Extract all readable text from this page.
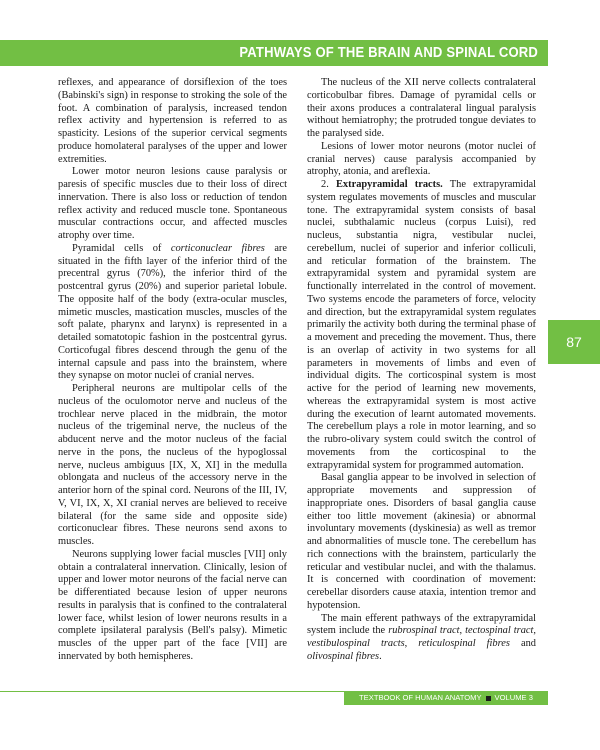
PATHWAYS OF THE BRAIN AND SPINAL CORD

reflexes, and appearance of dorsiflexion of the toes (Babinski's sign) in response to stroking the sole of the foot. A combination of paralysis, increased tendon reflex activity and hypertension is referred to as spasticity. Lesions of the superior cervical segments produce homolateral paralyses of the upper and lower extremities.

Lower motor neuron lesions cause paralysis or paresis of specific muscles due to their loss of direct innervation. There is also loss or reduction of tendon reflex activity and reduced muscle tone. Spontaneous muscular contractions occur, and affected muscles atrophy over time.

Pyramidal cells of corticonuclear fibres are situated in the fifth layer of the inferior third of the precentral gyrus (70%), the inferior third of the postcentral gyrus (20%) and superior parietal lobule. The opposite half of the body (extra-ocular muscles, mimetic muscles, mastication muscles, muscles of the soft palate, pharynx and larynx) is represented in a detailed somatotopic fashion in the postcentral gyrus. Corticofugal fibres descend through the genu of the internal capsule and pass into the brainstem, where they synapse on motor nuclei of cranial nerves.

Peripheral neurons are multipolar cells of the nucleus of the oculomotor nerve and nucleus of the trochlear nerve placed in the midbrain, the motor nucleus of the trigeminal nerve, the nucleus of the abducent nerve and the motor nucleus of the facial nerve in the pons, the nucleus of the hypoglossal nerve, nucleus ambiguus [IX, X, XI] in the medulla oblongata and nucleus of the accessory nerve in the anterior horn of the spinal cord. Neurons of the III, IV, V, VI, IX, X, XI cranial nerves are believed to receive bilateral (for the same side and opposite side) corticonuclear fibres. These neurons send axons to muscles.

Neurons supplying lower facial muscles [VII] only obtain a contralateral innervation. Clinically, lesion of upper and lower motor neurons of the facial nerve can be differentiated because lesion of upper neurons results in paralysis that is confined to the contralateral lower face, whilst lesion of lower neurons results in a complete ipsilateral paralysis (Bell's palsy). Mimetic muscles of the upper part of the face [VII] are innervated by both hemispheres.

The nucleus of the XII nerve collects contralateral corticobulbar fibres. Damage of pyramidal cells or their axons produces a contralateral lingual paralysis without hemiatrophy; the protruded tongue deviates to the paralysed side.

Lesions of lower motor neurons (motor nuclei of cranial nerves) cause paralysis accompanied by atrophy, atonia, and areflexia.

2. Extrapyramidal tracts. The extrapyramidal system regulates movements of muscles and muscular tone. The extrapyramidal system consists of basal nuclei, subthalamic nucleus (corpus Luisi), red nucleus, substantia nigra, vestibular nuclei, cerebellum, nuclei of superior and inferior colliculi, and reticular formation of the brainstem. The extrapyramidal system and pyramidal system are functionally interrelated in the control of movement. Two systems encode the parameters of force, velocity and direction, but the extrapyramidal system regulates primarily the activity both during the terminal phase of a movement and preceding the movement. Thus, there is an overlap of activity in two systems for all parameters in movements of limbs and even of individual digits. The corticospinal system is most active for the period of learning new movements, whereas the extrapyramidal system is most active during the execution of learnt automated movements. The cerebellum plays a role in motor learning, and so the rubro-olivary system could switch the control of movements from the corticospinal to the extrapyramidal system for programmed automation.

Basal ganglia appear to be involved in selection of appropriate movements and suppression of inappropriate ones. Disorders of basal ganglia cause either too little movement (akinesia) or abnormal involuntary movements (dyskinesia) as well as tremor and abnormalities of muscle tone. The cerebellum has rich connections with the brainstem, particularly the reticular and vestibular nuclei, and with the thalamus. It is concerned with coordination of movement: cerebellar disorders cause ataxia, intention tremor and hypotension.

The main efferent pathways of the extrapyramidal system include the rubrospinal tract, tectospinal tract, vestibulospinal tracts, reticulospinal fibres and olivospinal fibres.

87
TEXTBOOK OF HUMAN ANATOMY VOLUME 3
